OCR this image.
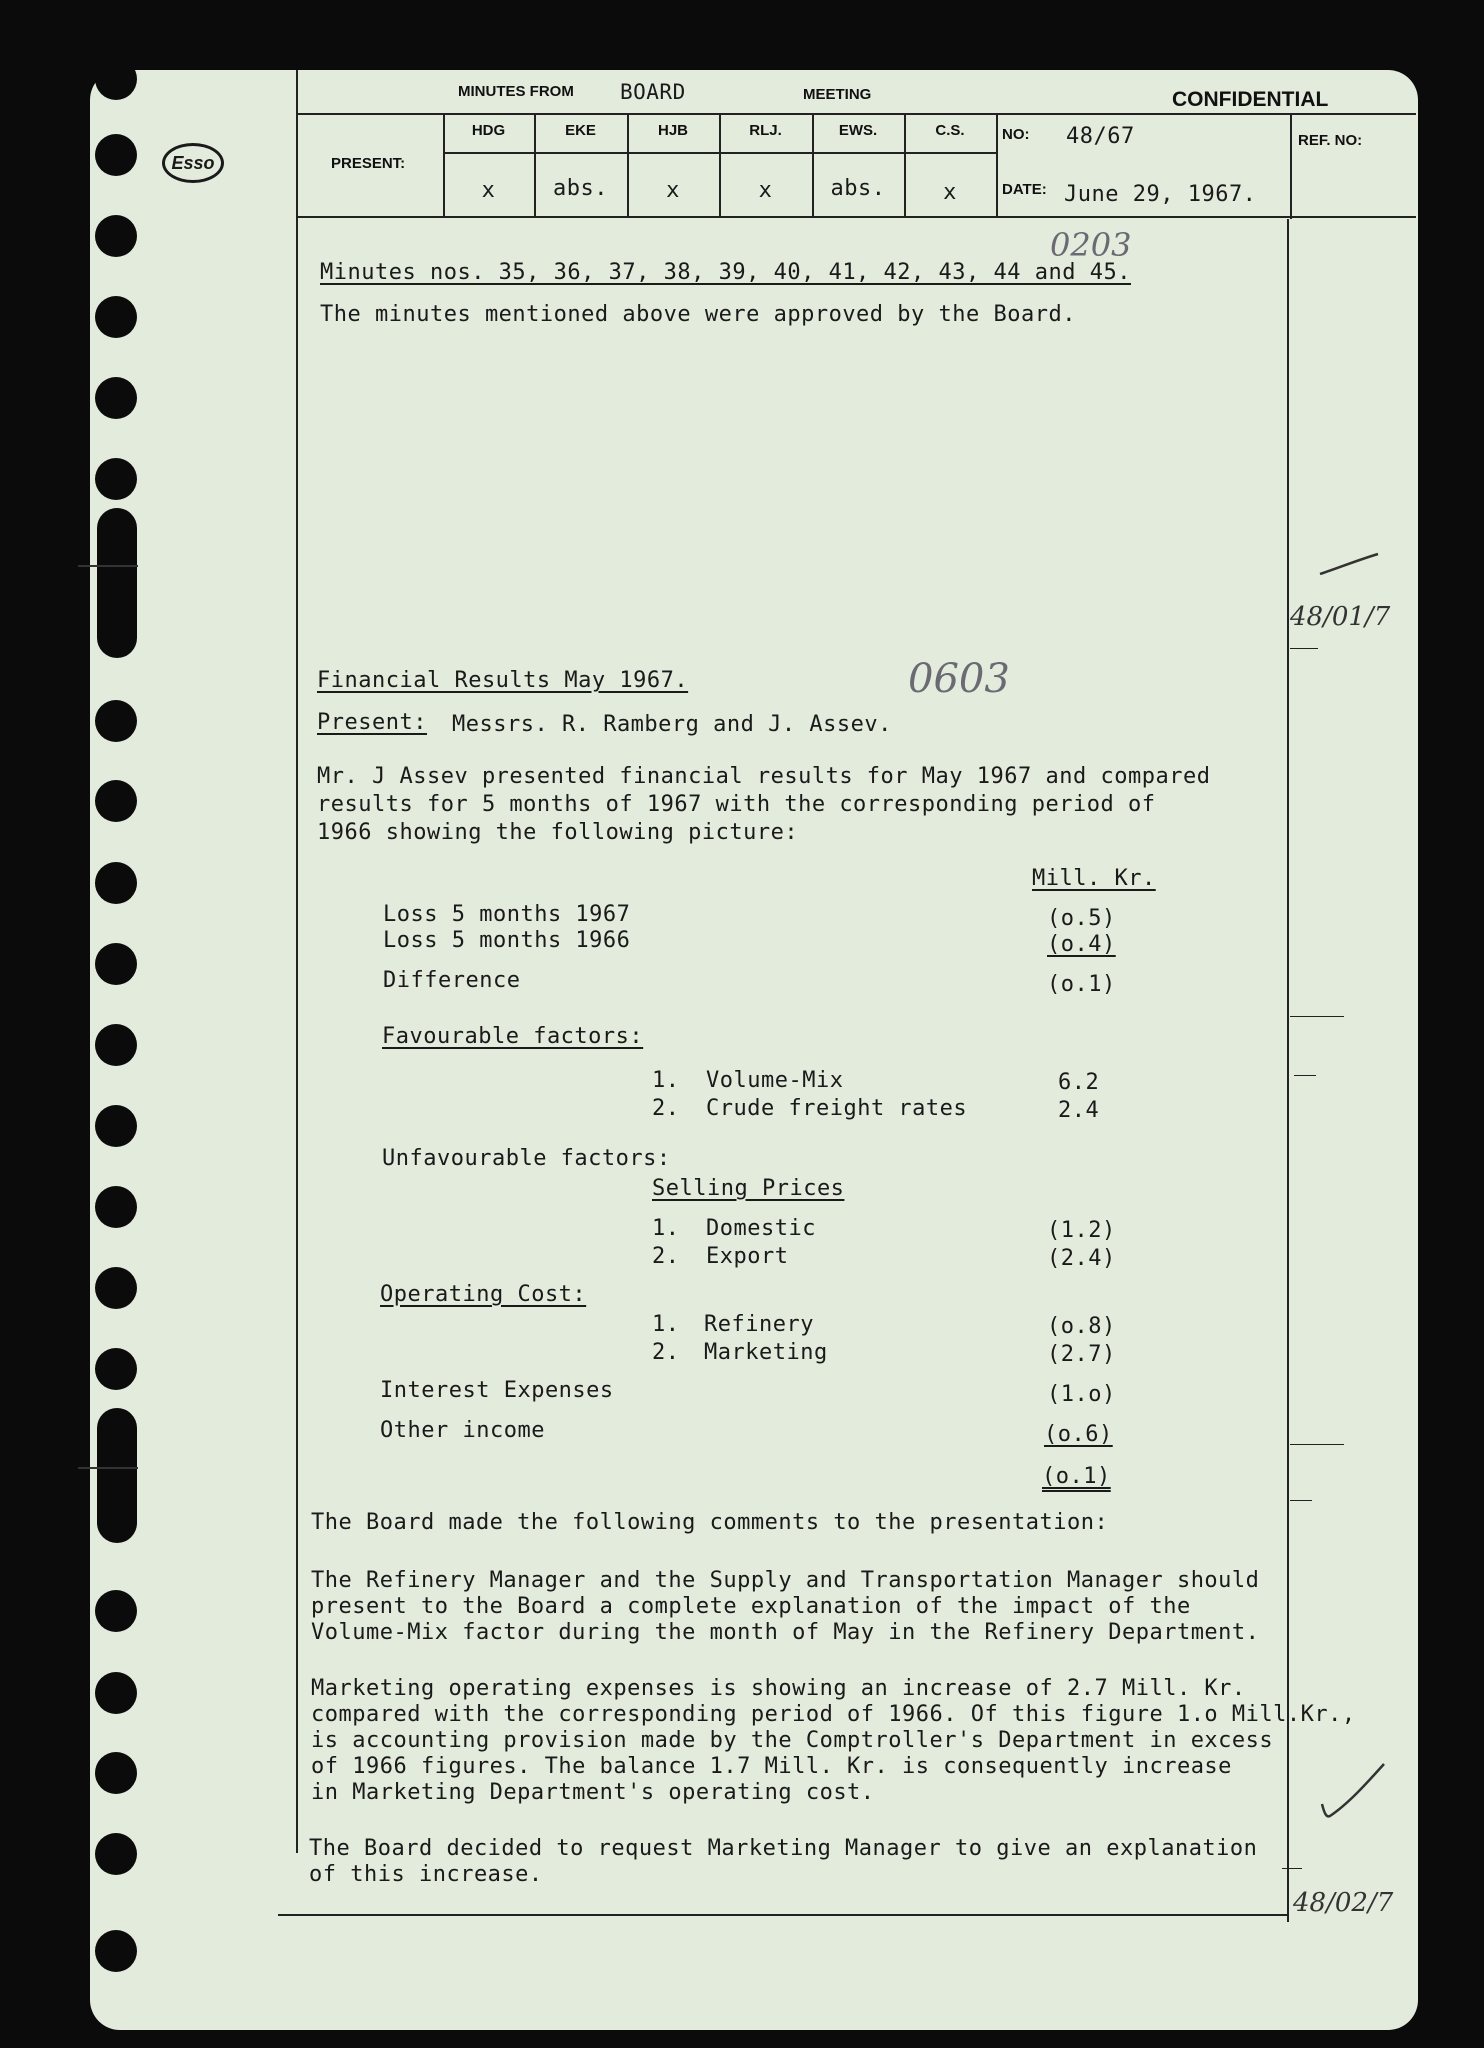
Esso
MINUTES FROM BOARD	MEETING	CONFIDENTIAL
PRESENT:
HDG	EKE	HJB	RLJ.	EWS.	C.S.
x	abs.	x	x	abs.	x
NO: 48/67
DATE: June 29, 1967.
REF. NO:
0203
Minutes nos. 35, 36, 37, 38, 39, 40, 41, 42, 43, 44 and 45.
The minutes mentioned above were approved by the Board.
48/01/7
0603
Financial Results May 1967.
Present: Messrs. R. Ramberg and J. Assev.
Mr. J Assev presented financial results for May 1967 and compared
results for 5 months of 1967 with the corresponding period of
1966 showing the following picture:
Mill. Kr.
Loss 5 months 1967	(o.5)
Loss 5 months 1966	(o.4)
Difference	(o.1)
Favourable factors:
1. Volume-Mix	6.2
2. Crude freight rates	2.4
Unfavourable factors:
Selling Prices
1. Domestic	(1.2)
2. Export	(2.4)
Operating Cost:
1. Refinery	(o.8)
2. Marketing	(2.7)
Interest Expenses	(1.o)
Other income	(o.6)
(o.1)
The Board made the following comments to the presentation:
The Refinery Manager and the Supply and Transportation Manager should
present to the Board a complete explanation of the impact of the
Volume-Mix factor during the month of May in the Refinery Department.
Marketing operating expenses is showing an increase of 2.7 Mill. Kr.
compared with the corresponding period of 1966. Of this figure 1.o Mill.Kr.,
is accounting provision made by the Comptroller's Department in excess
of 1966 figures. The balance 1.7 Mill. Kr. is consequently increase
in Marketing Department's operating cost.
The Board decided to request Marketing Manager to give an explanation
of this increase.
48/02/7
